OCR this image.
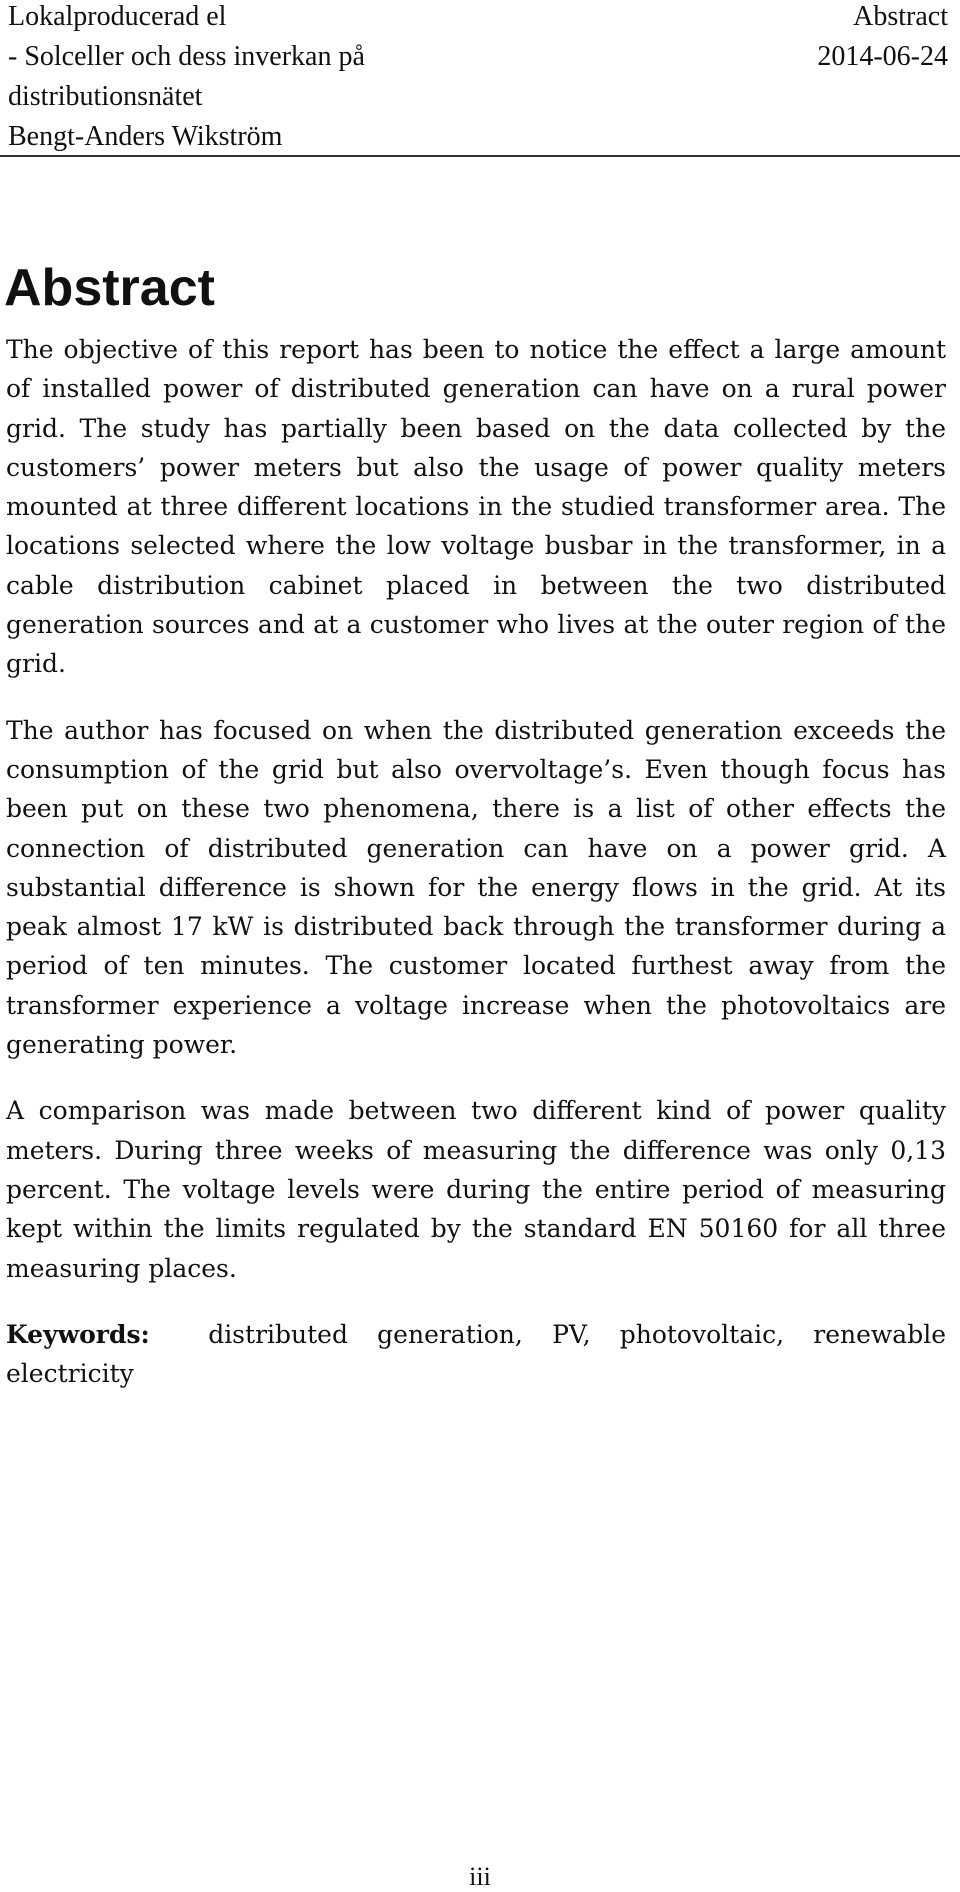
Lokalproducerad el
- Solceller och dess inverkan på
distributionsnätet
Bengt-Anders Wikström
Abstract
2014-06-24
Abstract

The objective of this report has been to notice the effect a large amount of installed power of distributed generation can have on a rural power grid. The study has partially been based on the data collected by the customers’ power meters but also the usage of power quality meters mounted at three different locations in the studied transformer area. The locations selected where the low voltage busbar in the transformer, in a cable distribution cabinet placed in between the two distributed generation sources and at a customer who lives at the outer region of the grid.

The author has focused on when the distributed generation exceeds the consumption of the grid but also overvoltage’s. Even though focus has been put on these two phenomena, there is a list of other effects the connection of distributed generation can have on a power grid. A substantial difference is shown for the energy flows in the grid. At its peak almost 17 kW is distributed back through the transformer during a period of ten minutes. The customer located furthest away from the transformer experience a voltage increase when the photovoltaics are generating power.

A comparison was made between two different kind of power quality meters. During three weeks of measuring the difference was only 0,13 percent. The voltage levels were during the entire period of measuring kept within the limits regulated by the standard EN 50160 for all three measuring places.

Keywords: distributed generation, PV, photovoltaic, renewable electricity

iii
